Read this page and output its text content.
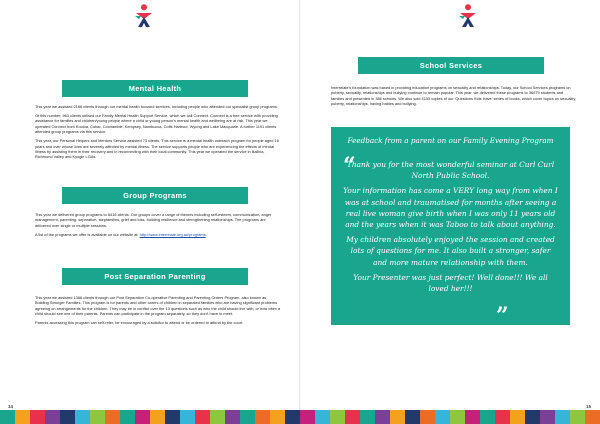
Mental Health

This year we assisted 2166 clients through our mental health focused services, including people who attended our specialist group programs.

Of this number, 963 clients utilised our Family Mental Health Support Service, which we call Connect. Connect is a free service with providing assistance for families and children/young people where a child or young person's mental health and wellbeing are at risk. This year we operated Connect from Kooloa, Cobar, Coonamble, Kempsey, Nambucca, Coffs Harbour, Wyong and Lake Macquarie. A further 1191 clients attended group programs via this service.

This year, our Personal Helpers and Mentors Service assisted 73 clients. This service is a mental health outreach program for people aged 16 years and over whose lives are severely affected by mental illness. The service supports people who are experiencing the effects of mental illness by assisting them in their recovery and in reconnecting with their local community. This year we operated the service in Ballina, Richmond Valley and Kyogle LGAs.

Group Programs

This year we delivered group programs to 6416 clients. Our groups cover a range of themes including self-esteem, communication, anger management, parenting, separation, stepfamilies, grief and loss, building resilience and strengthening relationships. The programs are delivered over single or multiple sessions.

A list of the programs we offer is available on our website at: http://www.interrelate.org.au/programs.

Post Separation Parenting

This year we assisted 1366 clients through our Post Separation Co-operative Parenting and Parenting Orders Program, also known as Building Stronger Families. This program is for parents and other carers of children in separated families who are having significant problems agreeing on arrangements for the children. They may be in conflict over the 13 questions such as who the child should live with, or how often a child should see one of their parents. Parents can participate in the program separately, so they don't have to meet.

Parents accessing this program can self-refer, be encouraged by a solicitor to attend or be ordered to attend by the court.

14
School Services

Interrelate's foundation was based in providing education programs on sexuality and relationships. Today, our School Services programs on puberty, sexuality, relationships and bullying continue to remain popular. This year, we delivered these programs to 36679 students and families and presented in 386 schools. We also sold 4153 copies of our 'Questions Kids Have' series of books, which cover topics on sexuality, puberty, relationships, having babies and bullying.

Feedback from a parent on our Family Evening Program
“

Thank you for the most wonderful seminar at Curl Curl North Public School.

Your information has come a VERY long way from when I was at school and traumatised for months after seeing a real live woman give birth when I was only 11 years old and the years when it was Taboo to talk about anything.

My children absolutely enjoyed the session and created lots of questions for me. It also built a stronger, safer and more mature relationship with them.

Your Presenter was just perfect! Well done!!! We all loved her!!!

”
15
